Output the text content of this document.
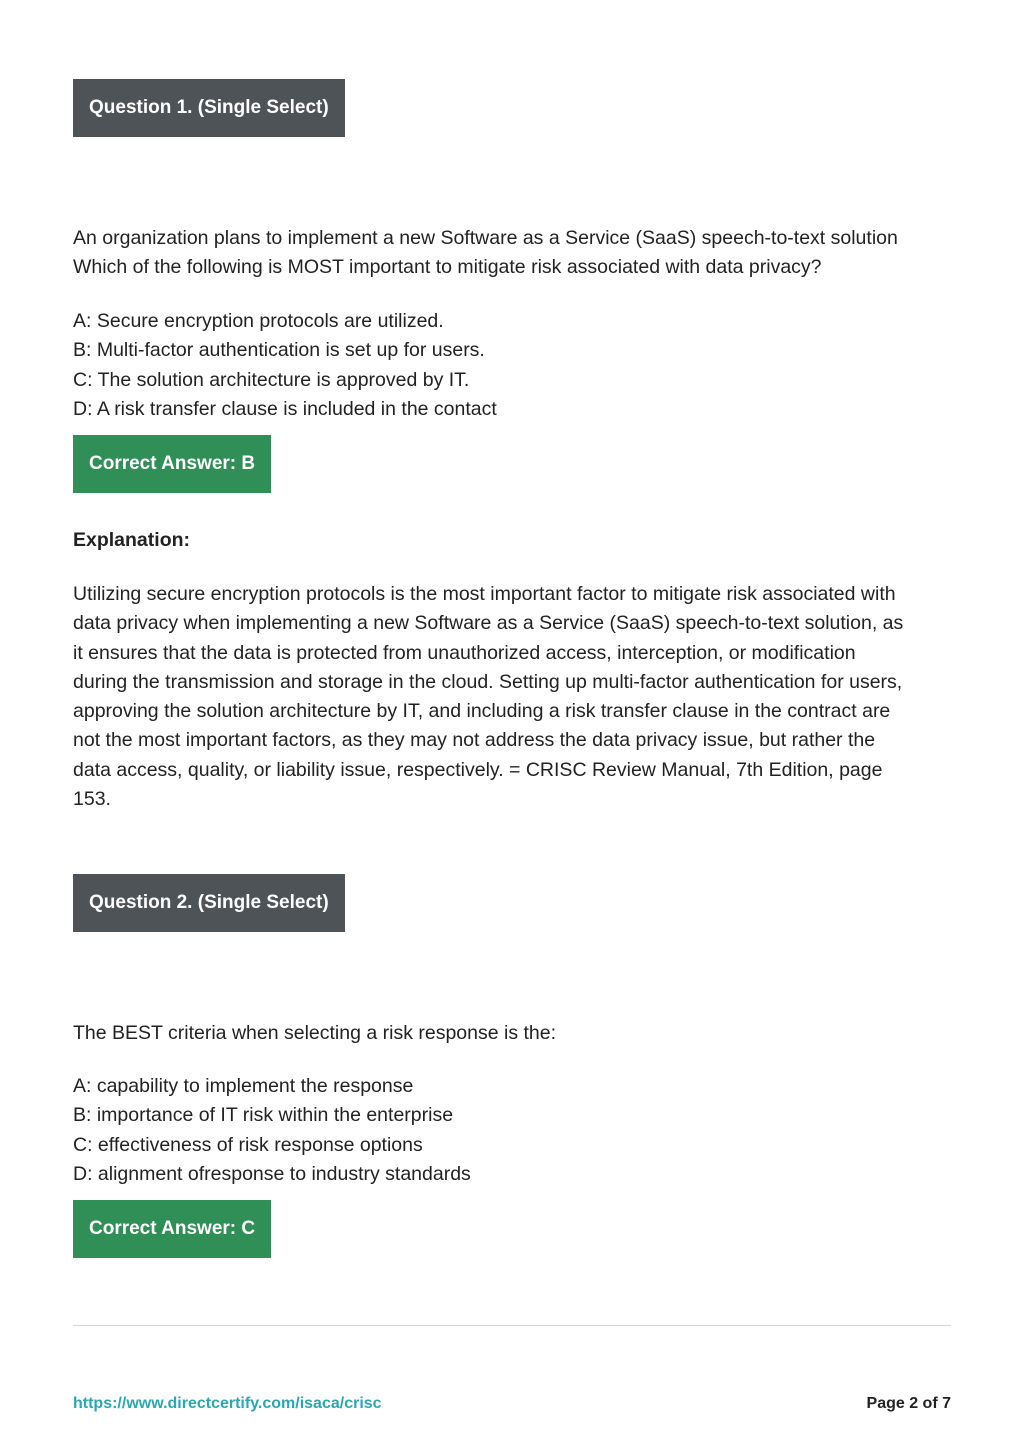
Question 1. (Single Select)

An organization plans to implement a new Software as a Service (SaaS) speech-to-text solution

Which of the following is MOST important to mitigate risk associated with data privacy?

A: Secure encryption protocols are utilized.

B: Multi-factor authentication is set up for users.

C: The solution architecture is approved by IT.

D: A risk transfer clause is included in the contact

Correct Answer: B

Explanation:

Utilizing secure encryption protocols is the most important factor to mitigate risk associated with

data privacy when implementing a new Software as a Service (SaaS) speech-to-text solution, as

it ensures that the data is protected from unauthorized access, interception, or modification

during the transmission and storage in the cloud. Setting up multi-factor authentication for users,

approving the solution architecture by IT, and including a risk transfer clause in the contract are

not the most important factors, as they may not address the data privacy issue, but rather the

data access, quality, or liability issue, respectively. = CRISC Review Manual, 7th Edition, page

153.

Question 2. (Single Select)

The BEST criteria when selecting a risk response is the:

A: capability to implement the response

B: importance of IT risk within the enterprise

C: effectiveness of risk response options

D: alignment ofresponse to industry standards

Correct Answer: C
https://www.directcertify.com/isaca/crisc	Page 2 of 7
